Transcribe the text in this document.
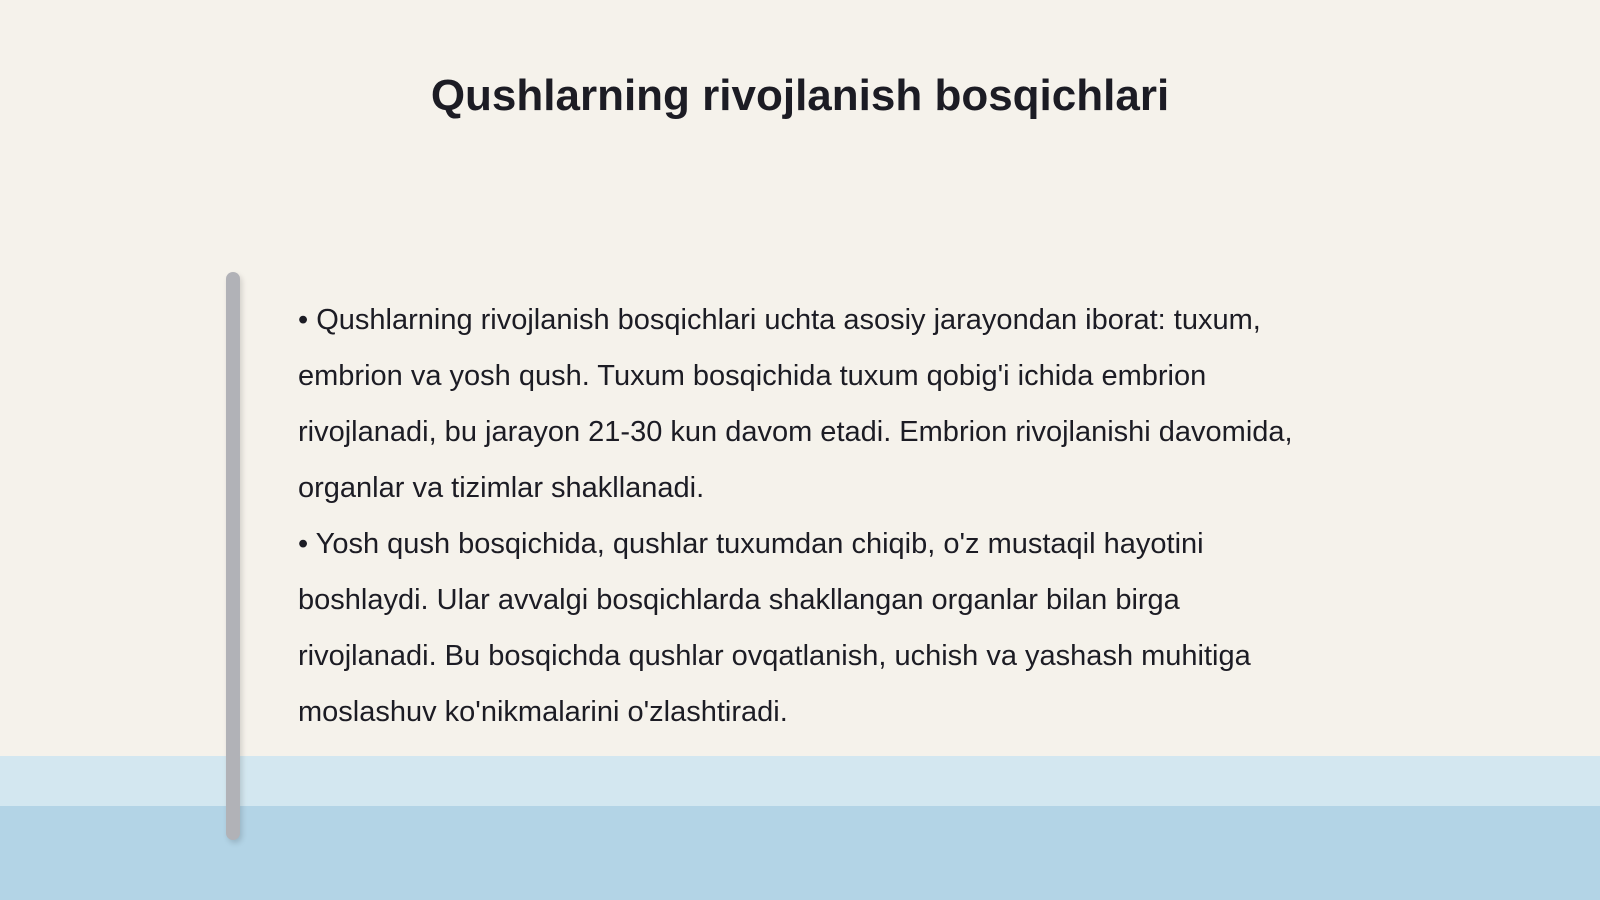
Qushlarning rivojlanish bosqichlari

• Qushlarning rivojlanish bosqichlari uchta asosiy jarayondan iborat: tuxum, embrion va yosh qush. Tuxum bosqichida tuxum qobig'i ichida embrion rivojlanadi, bu jarayon 21-30 kun davom etadi. Embrion rivojlanishi davomida, organlar va tizimlar shakllanadi.

• Yosh qush bosqichida, qushlar tuxumdan chiqib, o'z mustaqil hayotini boshlaydi. Ular avvalgi bosqichlarda shakllangan organlar bilan birga rivojlanadi. Bu bosqichda qushlar ovqatlanish, uchish va yashash muhitiga moslashuv ko'nikmalarini o'zlashtiradi.
